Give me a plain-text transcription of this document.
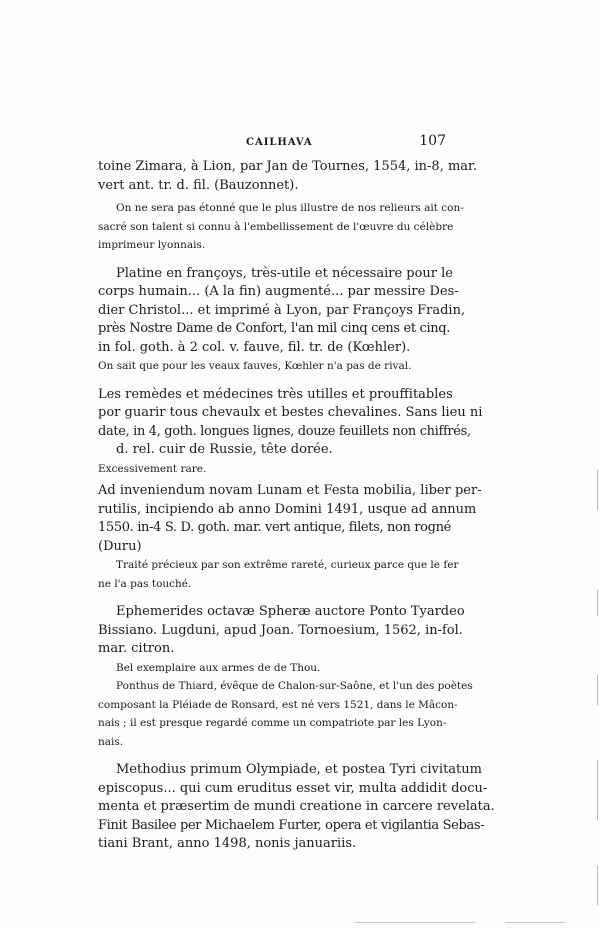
CAILHAVA	107

toine Zimara, à Lion, par Jan de Tournes, 1554, in-8, mar.
vert ant. tr. d. fil. (Bauzonnet).

On ne sera pas étonné que le plus illustre de nos relieurs ait con-
sacré son talent si connu à l'embellissement de l'œuvre du célèbre
imprimeur lyonnais.

Platine en françoys, très-utile et nécessaire pour le
corps humain... (A la fin) augmenté... par messire Des-
dier Christol... et imprimé à Lyon, par Françoys Fradin,
près Nostre Dame de Confort, l'an mil cinq cens et cinq.
in fol. goth. à 2 col. v. fauve, fil. tr. de (Kœhler).

On sait que pour les veaux fauves, Kœhler n'a pas de rival.

Les remèdes et médecines très utilles et prouffitables
por guarir tous chevaulx et bestes chevalines. Sans lieu ni
date, in 4, goth. longues lignes, douze feuillets non chiffrés,
d. rel. cuir de Russie, tête dorée.

Excessivement rare.

Ad inveniendum novam Lunam et Festa mobilia, liber per-
rutilis, incipiendo ab anno Domini 1491, usque ad annum
1550. in-4 S. D. goth. mar. vert antique, filets, non rogné
(Duru)

Traité précieux par son extrême rareté, curieux parce que le fer
ne l'a pas touché.

Ephemerides octavæ Spheræ auctore Ponto Tyardeo
Bissiano. Lugduni, apud Joan. Tornoesium, 1562, in-fol.
mar. citron.

Bel exemplaire aux armes de de Thou.
Ponthus de Thiard, évêque de Chalon-sur-Saône, et l'un des poètes
composant la Pléiade de Ronsard, est né vers 1521, dans le Mâcon-
nais ; il est presque regardé comme un compatriote par les Lyon-
nais.

Methodius primum Olympiade, et postea Tyri civitatum
episcopus... qui cum eruditus esset vir, multa addidit docu-
menta et præsertim de mundi creatione in carcere revelata.
Finit Basilee per Michaelem Furter, opera et vigilantia Sebas-
tiani Brant, anno 1498, nonis januariis.
